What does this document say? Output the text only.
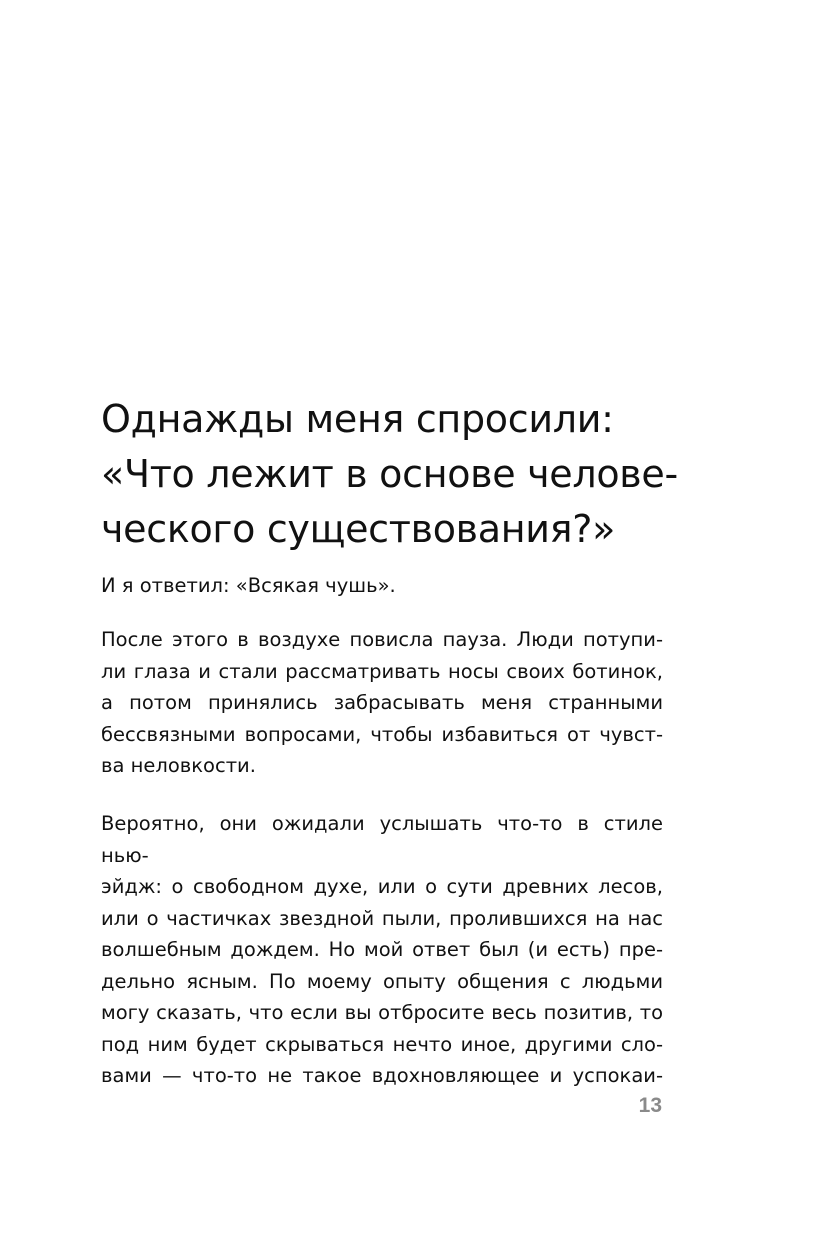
Однажды меня спросили:
«Что лежит в основе челове-
ческого существования?»

И я ответил: «Всякая чушь».

После этого в воздухе повисла пауза. Люди потупи-
ли глаза и стали рассматривать носы своих ботинок,
а потом принялись забрасывать меня странными
бессвязными вопросами, чтобы избавиться от чувст-
ва неловкости.

Вероятно, они ожидали услышать что-то в стиле нью-
эйдж: о свободном духе, или о сути древних лесов,
или о частичках звездной пыли, пролившихся на нас
волшебным дождем. Но мой ответ был (и есть) пре-
дельно ясным. По моему опыту общения с людьми
могу сказать, что если вы отбросите весь позитив, то
под ним будет скрываться нечто иное, другими сло-
вами — что-то не такое вдохновляющее и успокаи-

13
